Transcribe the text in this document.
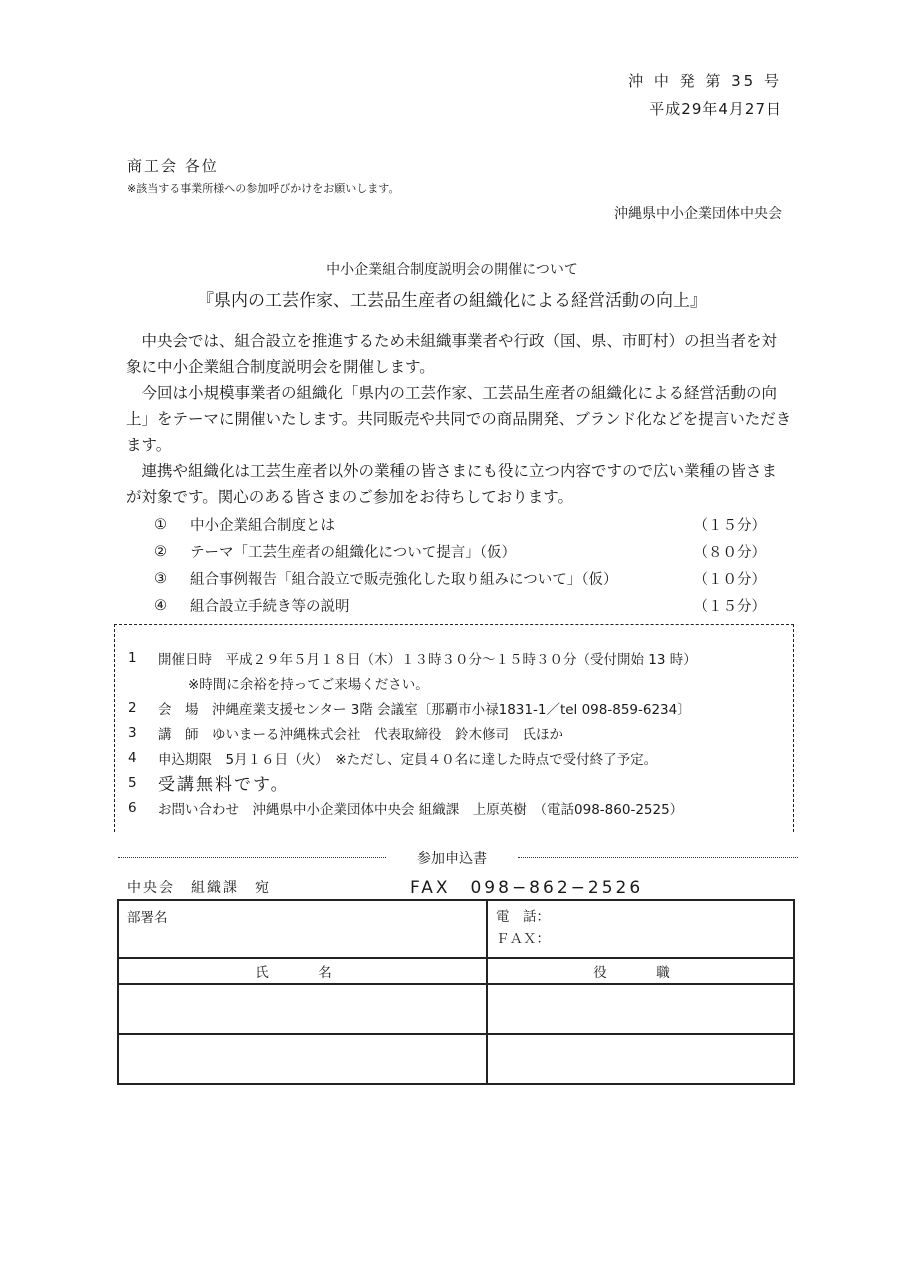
沖 中 発 第 35 号
平成29年4月27日
商工会 各位
※該当する事業所様への参加呼びかけをお願いします。
沖縄県中小企業団体中央会
中小企業組合制度説明会の開催について
『県内の工芸作家、工芸品生産者の組織化による経営活動の向上』

中央会では、組合設立を推進するため未組織事業者や行政（国、県、市町村）の担当者を対象に中小企業組合制度説明会を開催します。

今回は小規模事業者の組織化「県内の工芸作家、工芸品生産者の組織化による経営活動の向上」をテーマに開催いたします。共同販売や共同での商品開発、ブランド化などを提言いただきます。

連携や組織化は工芸生産者以外の業種の皆さまにも役に立つ内容ですので広い業種の皆さまが対象です。関心のある皆さまのご参加をお待ちしております。

①	中小企業組合制度とは	（１５分）
②	テーマ「工芸生産者の組織化について提言」（仮）	（８０分）
③	組合事例報告「組合設立で販売強化した取り組みについて」（仮）	（１０分）
④	組合設立手続き等の説明	（１５分）
1	開催日時　平成２９年５月１８日（木）１３時３０分～１５時３０分（受付開始 13 時）
※時間に余裕を持ってご来場ください。
2	会　場　沖縄産業支援センター 3階 会議室〔那覇市小禄1831-1／tel 098-859-6234〕
3	講　師　ゆいまーる沖縄株式会社　代表取締役　鈴木修司　氏ほか
4	申込期限　5月１６日（火）　※ただし、定員４０名に達した時点で受付終了予定。
5	受講無料です。
6	お問い合わせ　沖縄県中小企業団体中央会 組織課　上原英樹　（電話098-860-2525）
参加申込書
中央会　組織課　宛	FAX　098−862−2526
部署名	電　話：
ＦＡＸ：

氏　名	役　職
